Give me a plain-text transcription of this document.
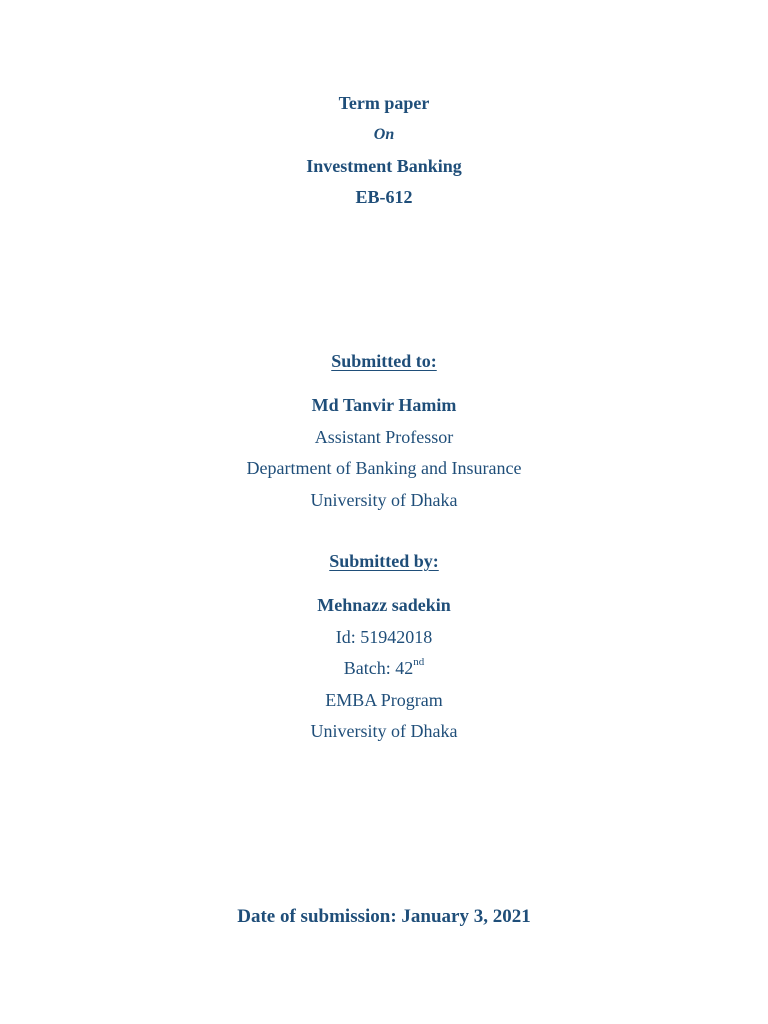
Term paper
On
Investment Banking
EB-612
Submitted to:
Md Tanvir Hamim
Assistant Professor
Department of Banking and Insurance
University of Dhaka
Submitted by:
Mehnazz sadekin
Id: 51942018
Batch: 42nd
EMBA Program
University of Dhaka
Date of submission: January 3, 2021
